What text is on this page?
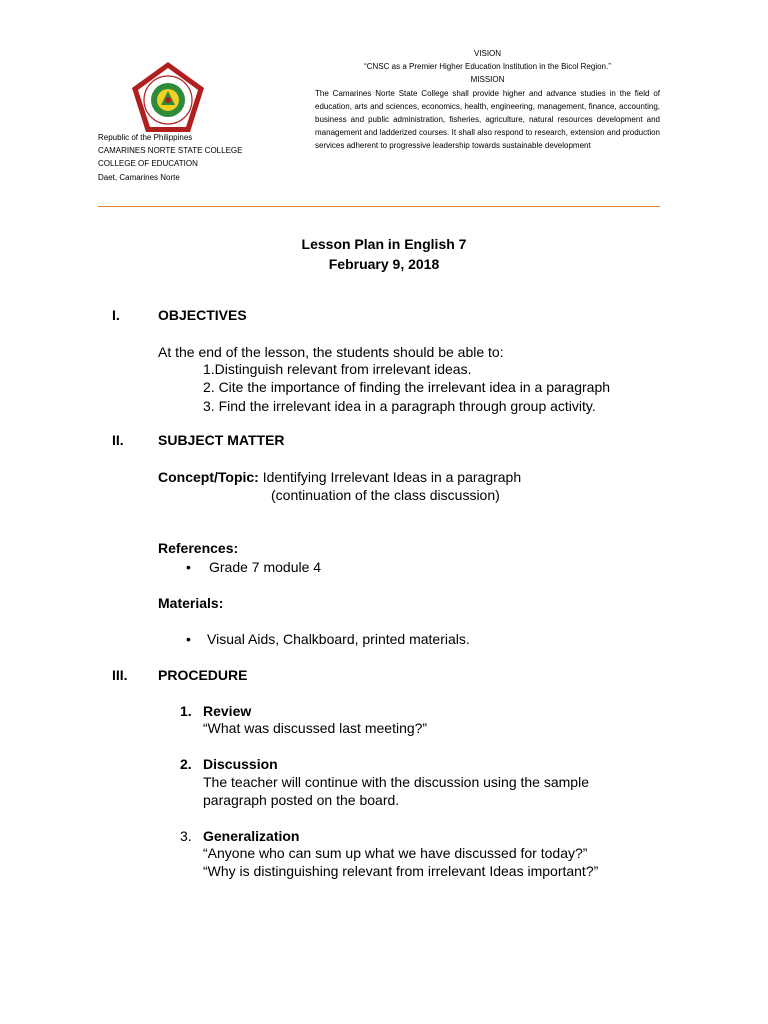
Republic of the Philippines
CAMARINES NORTE STATE COLLEGE
COLLEGE OF EDUCATION
Daet, Camarines Norte
VISION
“CNSC as a Premier Higher Education Institution in the Bicol Region.”
MISSION
The Camarines Norte State College shall provide higher and advance studies in the field of education, arts and sciences, economics, health, engineering, management, finance, accounting, business and public administration, fisheries, agriculture, natural resources development and management and ladderized courses. It shall also respond to research, extension and production services adherent to progressive leadership towards sustainable development
Lesson Plan in English 7
February 9, 2018
I.	OBJECTIVES
At the end of the lesson, the students should be able to:
1.Distinguish relevant from irrelevant ideas.
2. Cite the importance of finding the irrelevant idea in a paragraph
3. Find the irrelevant idea in a paragraph through group activity.
II. SUBJECT MATTER
Concept/Topic: Identifying Irrelevant Ideas in a paragraph
(continuation of the class discussion)
References:
• Grade 7 module 4
Materials:
• Visual Aids, Chalkboard, printed materials.
III. PROCEDURE
1. Review
“What was discussed last meeting?”
2. Discussion
The teacher will continue with the discussion using the sample
paragraph posted on the board.
3. Generalization
“Anyone who can sum up what we have discussed for today?”
“Why is distinguishing relevant from irrelevant Ideas important?”
